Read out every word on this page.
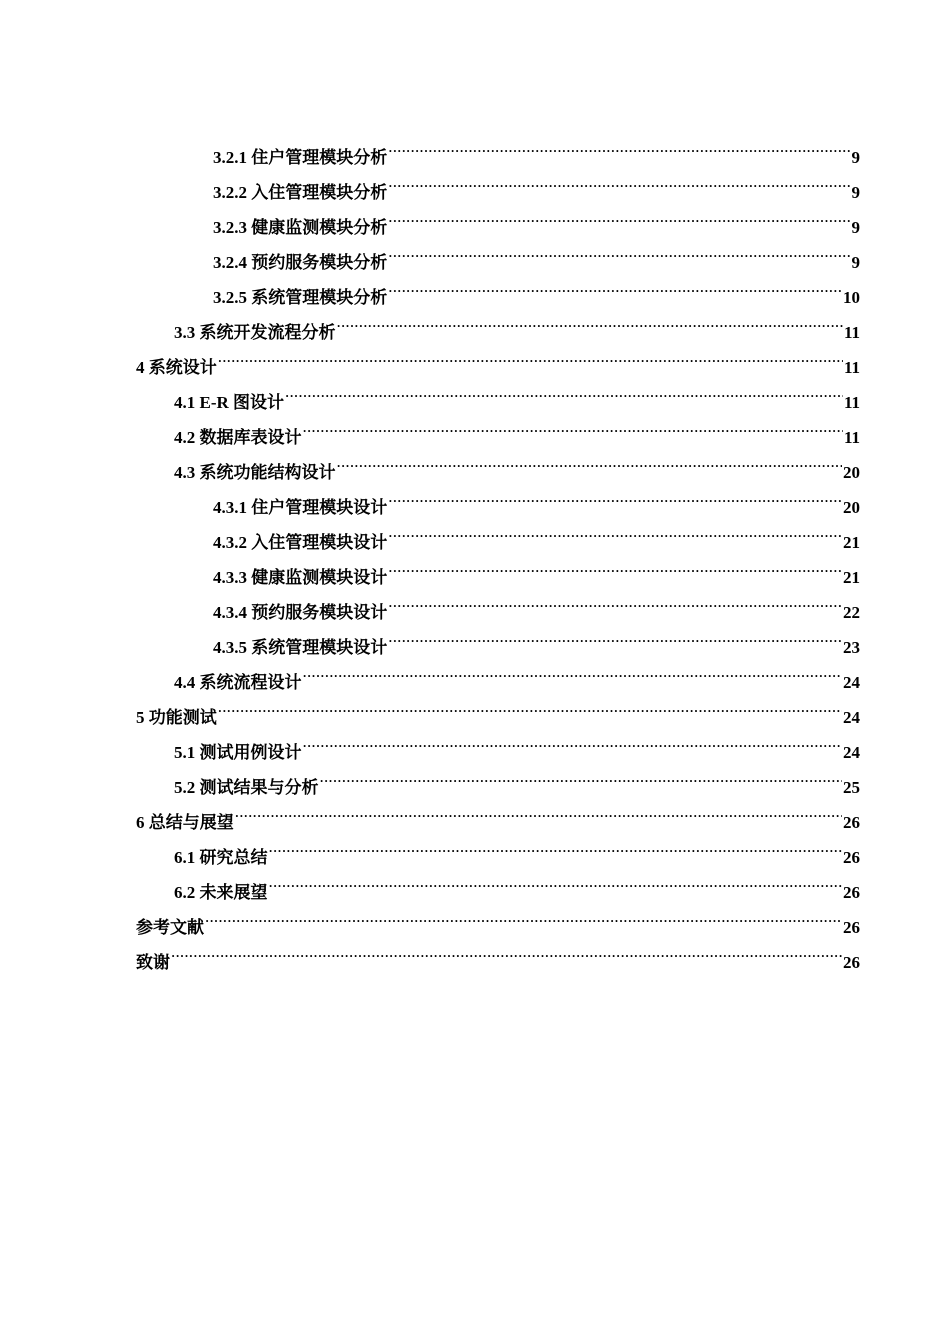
3.2.1 住户管理模块分析 .....	9
3.2.2 入住管理模块分析 .....	9
3.2.3 健康监测模块分析 .....	9
3.2.4 预约服务模块分析 .....	9
3.2.5 系统管理模块分析 .....	10
3.3 系统开发流程分析 .....	11
4 系统设计 .....	11
4.1 E-R 图设计 .....	11
4.2 数据库表设计 .....	11
4.3 系统功能结构设计 .....	20
4.3.1 住户管理模块设计 .....	20
4.3.2 入住管理模块设计 .....	21
4.3.3 健康监测模块设计 .....	21
4.3.4 预约服务模块设计 .....	22
4.3.5 系统管理模块设计 .....	23
4.4 系统流程设计 .....	24
5 功能测试 .....	24
5.1 测试用例设计 .....	24
5.2 测试结果与分析 .....	25
6 总结与展望 .....	26
6.1 研究总结 .....	26
6.2 未来展望 .....	26
参考文献 .....	26
致谢 .....	26
